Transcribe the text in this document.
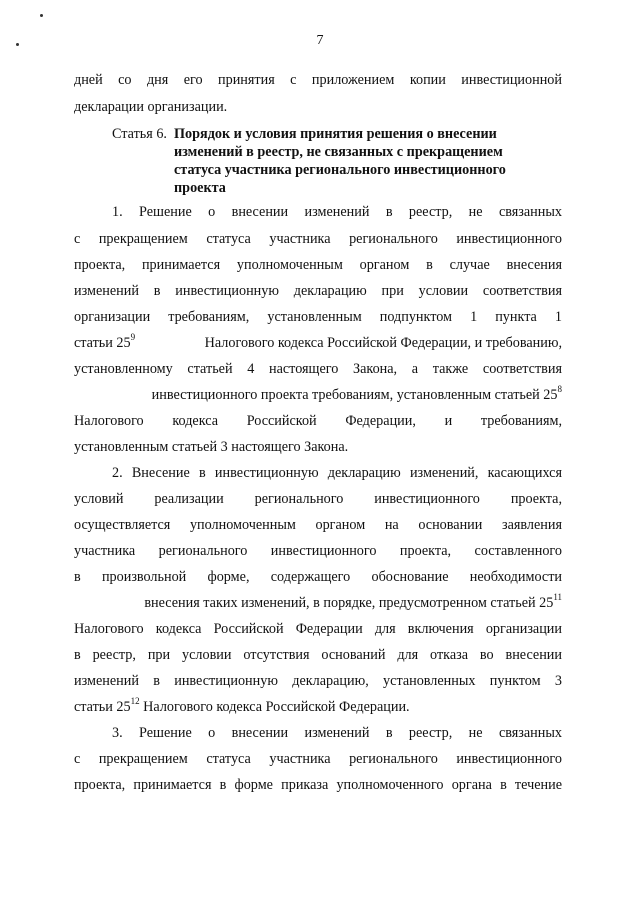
7
дней со дня его принятия с приложением копии инвестиционной
декларации организации.
Статья 6. Порядок и условия принятия решения о внесении
изменений в реестр, не связанных с прекращением
статуса участника регионального инвестиционного
проекта
1. Решение о внесении изменений в реестр, не связанных
с прекращением статуса участника регионального инвестиционного
проекта, принимается уполномоченным органом в случае внесения
изменений в инвестиционную декларацию при условии соответствия
организации требованиям, установленным подпунктом 1 пункта 1
статьи $25^9$	Налогового кодекса Российской Федерации, и требованию,
установленному статьей 4 настоящего Закона, а также соответствия
инвестиционного проекта требованиям, установленным статьей $25^8$
Налогового кодекса Российской Федерации, и требованиям,
установленным статьей 3 настоящего Закона.
2. Внесение в инвестиционную декларацию изменений, касающихся
условий реализации регионального инвестиционного проекта,
осуществляется уполномоченным органом на основании заявления
участника регионального инвестиционного проекта, составленного
в произвольной форме, содержащего обоснование необходимости
внесения таких изменений, в порядке, предусмотренном статьей $25^{11}$
Налогового кодекса Российской Федерации для включения организации
в реестр, при условии отсутствия оснований для отказа во внесении
изменений в инвестиционную декларацию, установленных пунктом 3
статьи $25^{12}$ Налогового кодекса Российской Федерации.
3. Решение о внесении изменений в реестр, не связанных
с прекращением статуса участника регионального инвестиционного
проекта, принимается в форме приказа уполномоченного органа в течение
